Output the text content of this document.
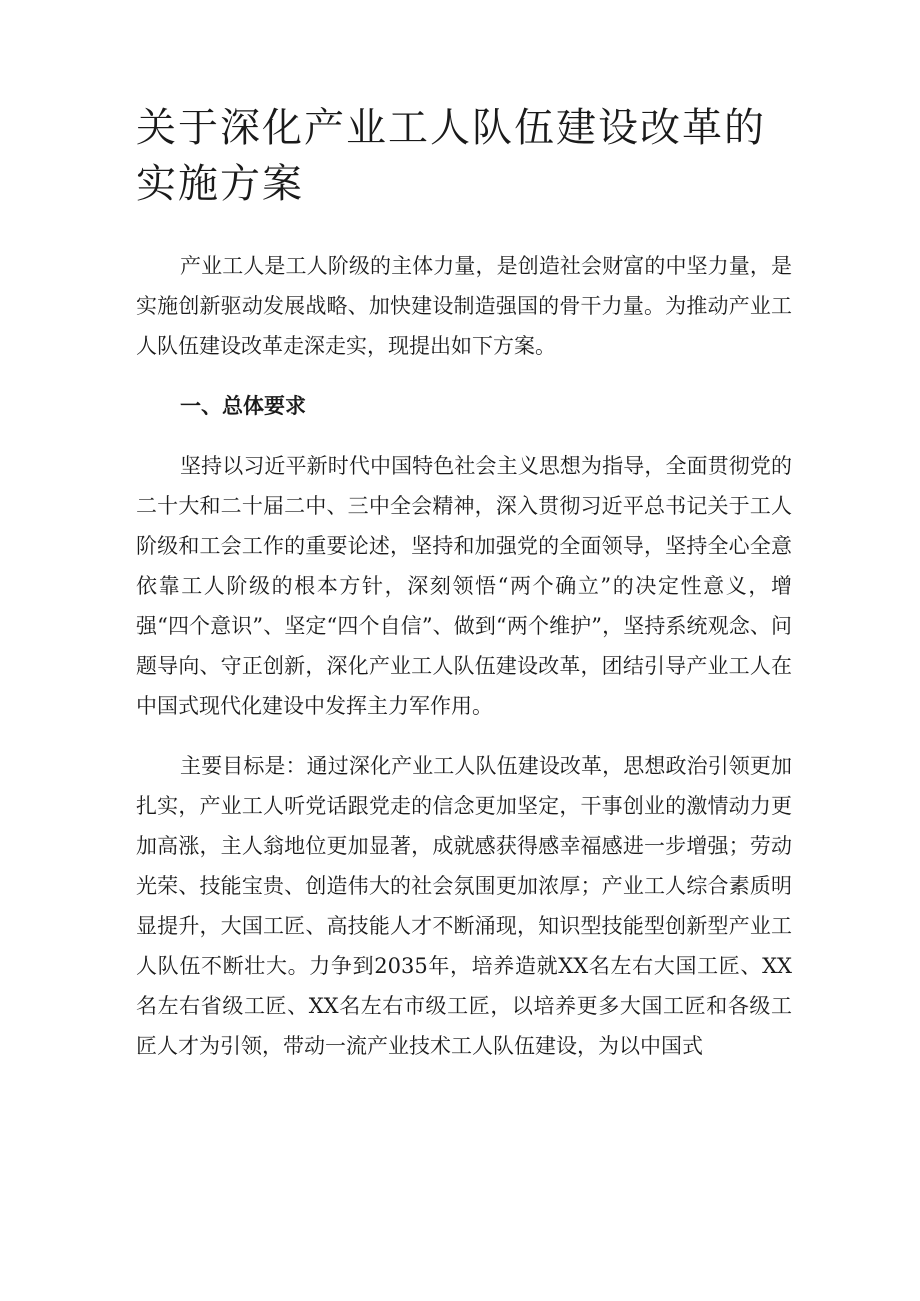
关于深化产业工人队伍建设改革的实施方案

产业工人是工人阶级的主体力量，是创造社会财富的中坚力量，是实施创新驱动发展战略、加快建设制造强国的骨干力量。为推动产业工人队伍建设改革走深走实，现提出如下方案。

一、总体要求

坚持以习近平新时代中国特色社会主义思想为指导，全面贯彻党的二十大和二十届二中、三中全会精神，深入贯彻习近平总书记关于工人阶级和工会工作的重要论述，坚持和加强党的全面领导，坚持全心全意依靠工人阶级的根本方针，深刻领悟“两个确立”的决定性意义，增强“四个意识”、坚定“四个自信”、做到“两个维护”，坚持系统观念、问题导向、守正创新，深化产业工人队伍建设改革，团结引导产业工人在中国式现代化建设中发挥主力军作用。

主要目标是：通过深化产业工人队伍建设改革，思想政治引领更加扎实，产业工人听党话跟党走的信念更加坚定，干事创业的激情动力更加高涨，主人翁地位更加显著，成就感获得感幸福感进一步增强；劳动光荣、技能宝贵、创造伟大的社会氛围更加浓厚；产业工人综合素质明显提升，大国工匠、高技能人才不断涌现，知识型技能型创新型产业工人队伍不断壮大。力争到2035年，培养造就XX名左右大国工匠、XX名左右省级工匠、XX名左右市级工匠，以培养更多大国工匠和各级工匠人才为引领，带动一流产业技术工人队伍建设，为以中国式
